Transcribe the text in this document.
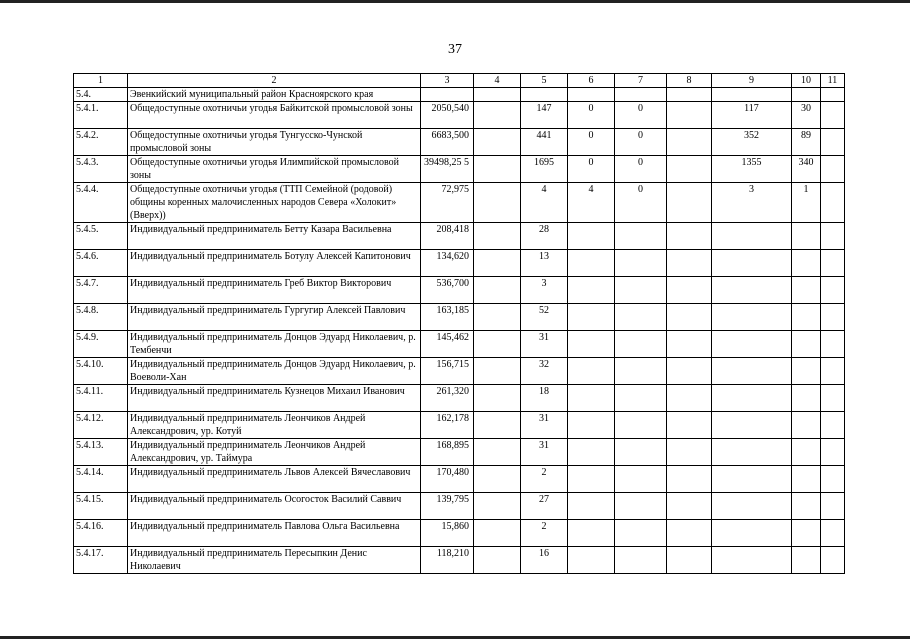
37
1	2	3	4	5	6	7	8	9	10	11
5.4.	Эвенкийский муниципальный район Красноярского края									
5.4.1.	Общедоступные охотничьи угодья Байкитской промысловой зоны	2050,540		147	0	0		117	30	
5.4.2.	Общедоступные охотничьи угодья Тунгусско-Чунской промысловой зоны	6683,500		441	0	0		352	89	
5.4.3.	Общедоступные охотничьи угодья Илимпийской промысловой зоны	39498,25 5		1695	0	0		1355	340	
5.4.4.	Общедоступные охотничьи угодья (ТТП Семейной (родовой) общины коренных малочисленных народов Севера «Холокит» (Вверх))	72,975		4	4	0		3	1	
5.4.5.	Индивидуальный предприниматель Бетту Казара Васильевна	208,418		28						
5.4.6.	Индивидуальный предприниматель Ботулу Алексей Капитонович	134,620		13						
5.4.7.	Индивидуальный предприниматель Греб Виктор Викторович	536,700		3						
5.4.8.	Индивидуальный предприниматель Гургугир Алексей Павлович	163,185		52						
5.4.9.	Индивидуальный предприниматель Донцов Эдуард Николаевич, р. Тембенчи	145,462		31						
5.4.10.	Индивидуальный предприниматель Донцов Эдуард Николаевич, р. Воеволи-Хан	156,715		32						
5.4.11.	Индивидуальный предприниматель Кузнецов Михаил Иванович	261,320		18						
5.4.12.	Индивидуальный предприниматель Леончиков Андрей Александрович, ур. Котуй	162,178		31						
5.4.13.	Индивидуальный предприниматель Леончиков Андрей Александрович, ур. Таймура	168,895		31						
5.4.14.	Индивидуальный предприниматель Львов Алексей Вячеславович	170,480		2						
5.4.15.	Индивидуальный предприниматель Осогосток Василий Саввич	139,795		27						
5.4.16.	Индивидуальный предприниматель Павлова Ольга Васильевна	15,860		2						
5.4.17.	Индивидуальный предприниматель Пересыпкин Денис Николаевич	118,210		16						
